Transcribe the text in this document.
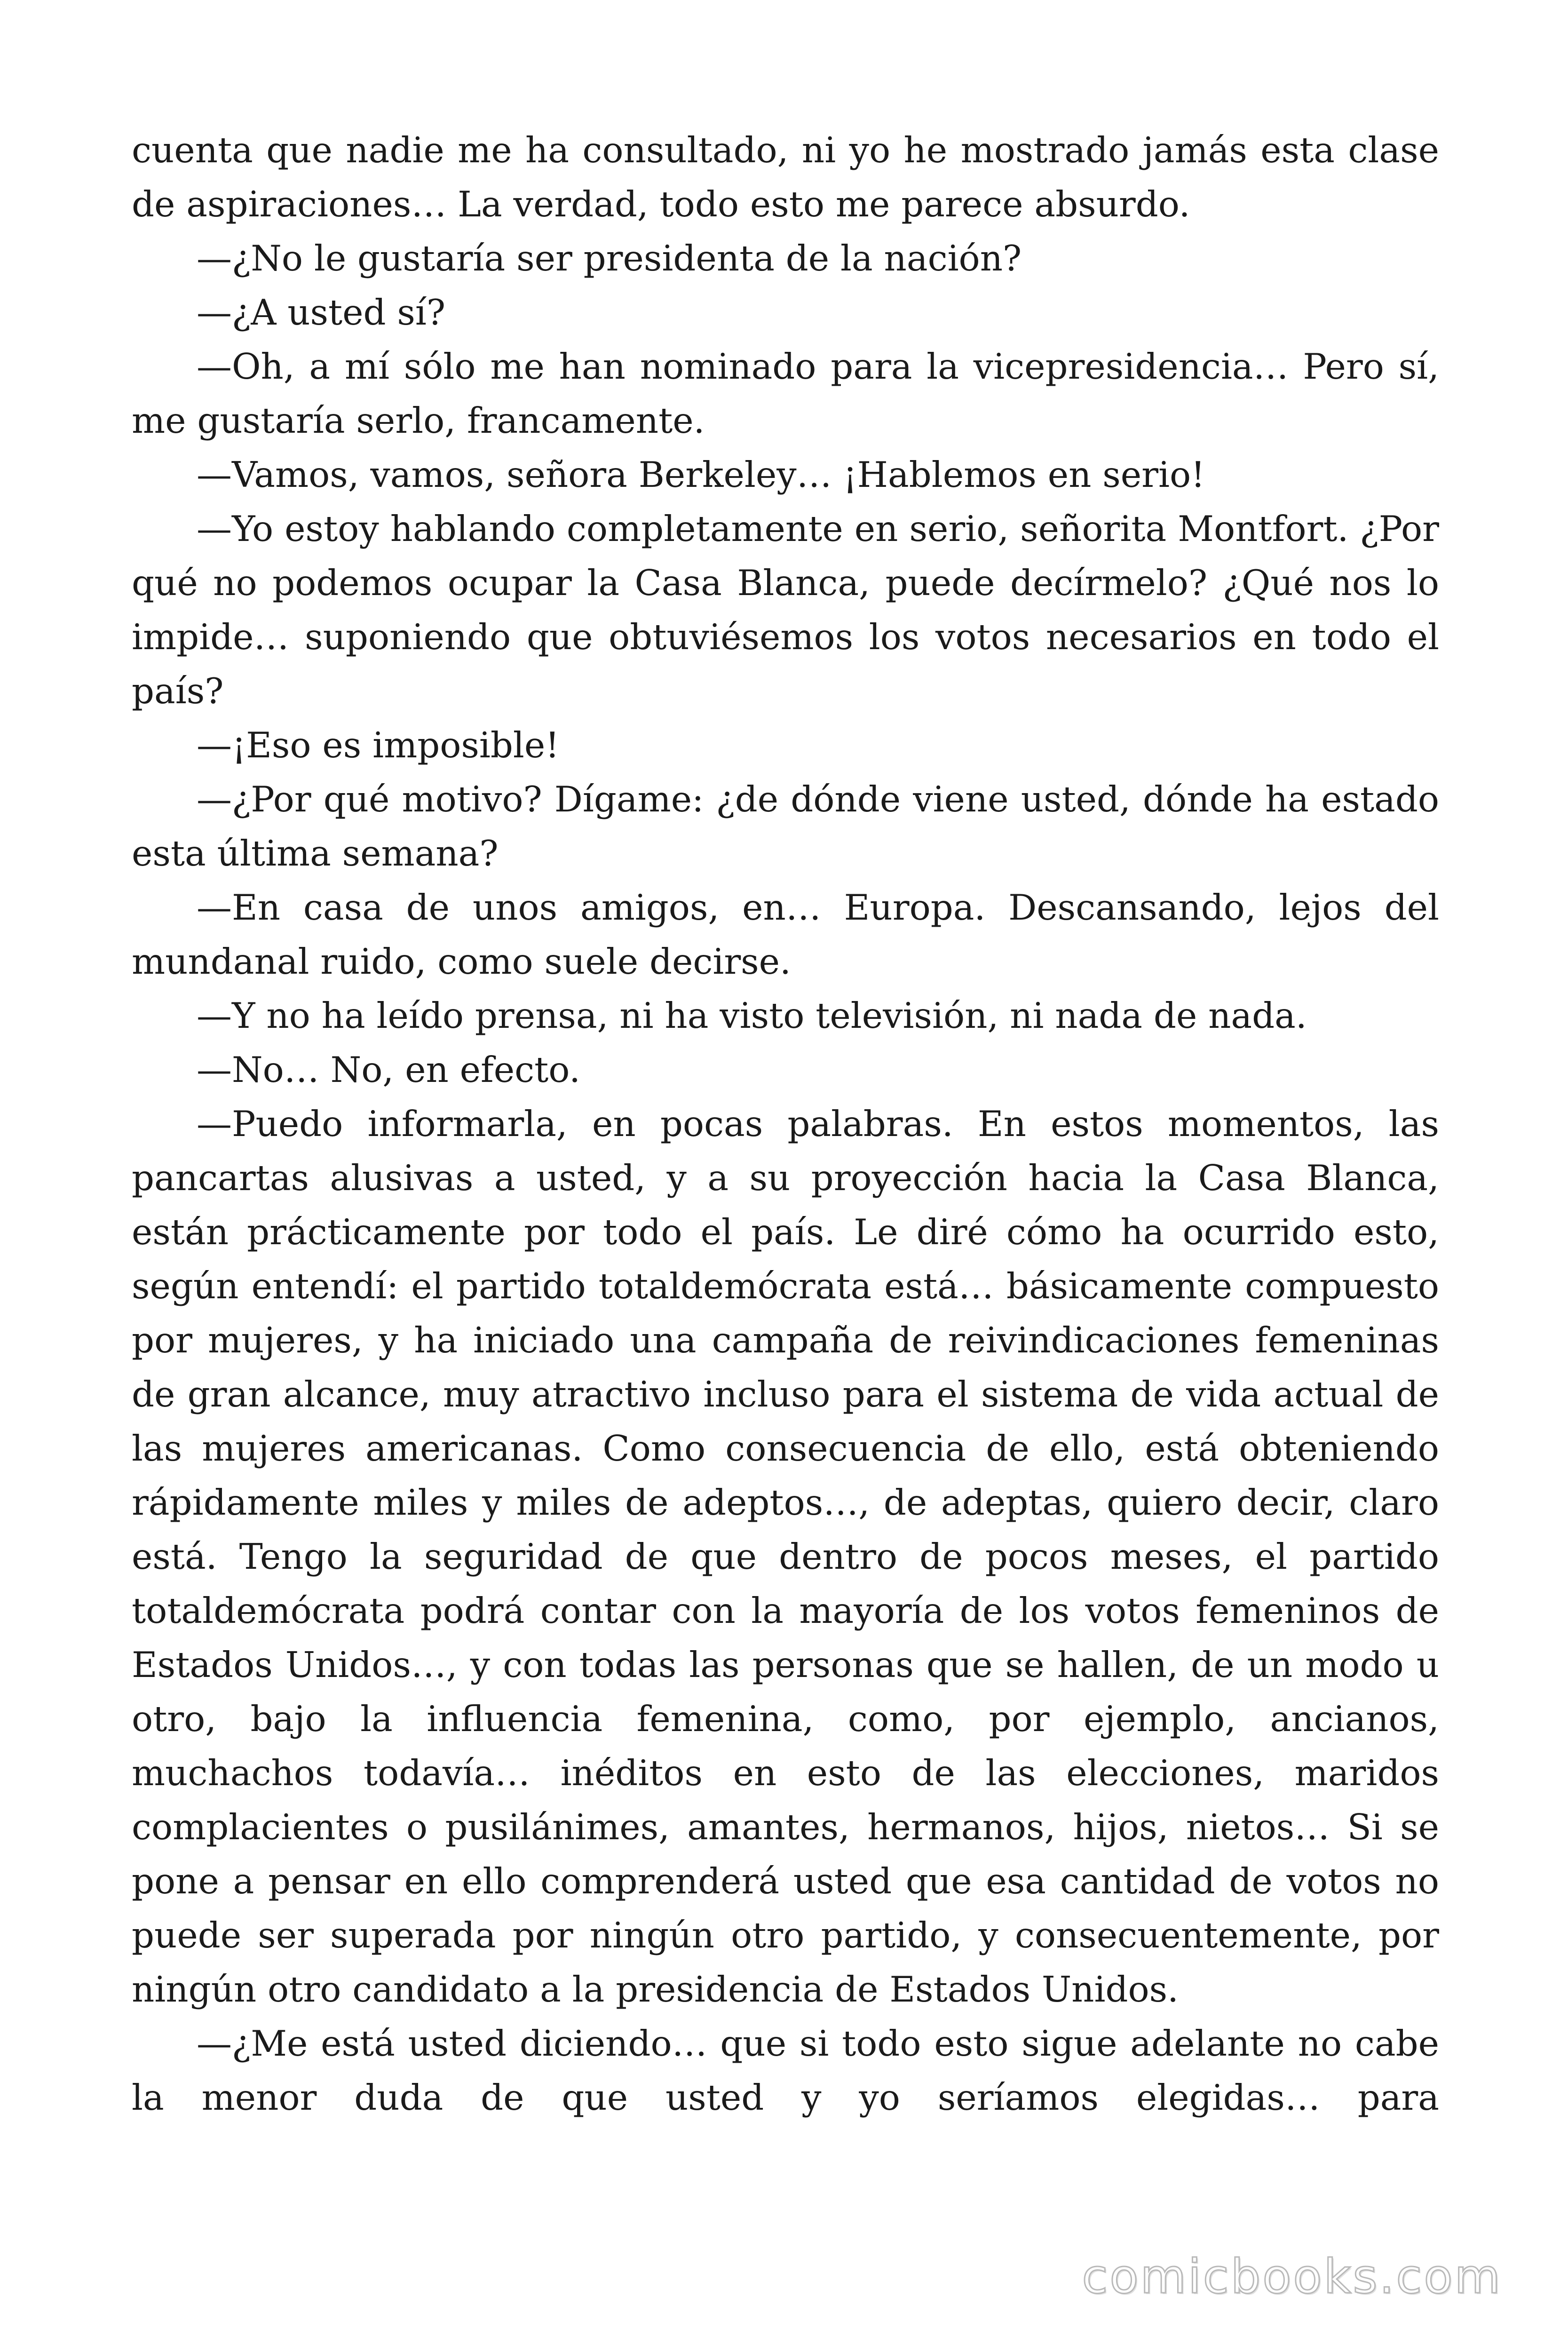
cuenta que nadie me ha consultado, ni yo he mostrado jamás esta clase de aspiraciones… La verdad, todo esto me parece absurdo.

—¿No le gustaría ser presidenta de la nación?

—¿A usted sí?

—Oh, a mí sólo me han nominado para la vicepresidencia… Pero sí, me gustaría serlo, francamente.

—Vamos, vamos, señora Berkeley… ¡Hablemos en serio!

—Yo estoy hablando completamente en serio, señorita Montfort. ¿Por qué no podemos ocupar la Casa Blanca, puede decírmelo? ¿Qué nos lo impide… suponiendo que obtuviésemos los votos necesarios en todo el país?

—¡Eso es imposible!

—¿Por qué motivo? Dígame: ¿de dónde viene usted, dónde ha estado esta última semana?

—En casa de unos amigos, en… Europa. Descansando, lejos del mundanal ruido, como suele decirse.

—Y no ha leído prensa, ni ha visto televisión, ni nada de nada.

—No… No, en efecto.

—Puedo informarla, en pocas palabras. En estos momentos, las pancartas alusivas a usted, y a su proyección hacia la Casa Blanca, están prácticamente por todo el país. Le diré cómo ha ocurrido esto, según entendí: el partido totaldemócrata está… básicamente compuesto por mujeres, y ha iniciado una campaña de reivindicaciones femeninas de gran alcance, muy atractivo incluso para el sistema de vida actual de las mujeres americanas. Como consecuencia de ello, está obteniendo rápidamente miles y miles de adeptos…, de adeptas, quiero decir, claro está. Tengo la seguridad de que dentro de pocos meses, el partido totaldemócrata podrá contar con la mayoría de los votos femeninos de Estados Unidos…, y con todas las personas que se hallen, de un modo u otro, bajo la influencia femenina, como, por ejemplo, ancianos, muchachos todavía… inéditos en esto de las elecciones, maridos complacientes o pusilánimes, amantes, hermanos, hijos, nietos… Si se pone a pensar en ello comprenderá usted que esa cantidad de votos no puede ser superada por ningún otro partido, y consecuentemente, por ningún otro candidato a la presidencia de Estados Unidos.

—¿Me está usted diciendo… que si todo esto sigue adelante no cabe la menor duda de que usted y yo seríamos elegidas… para

comicbooks.com
